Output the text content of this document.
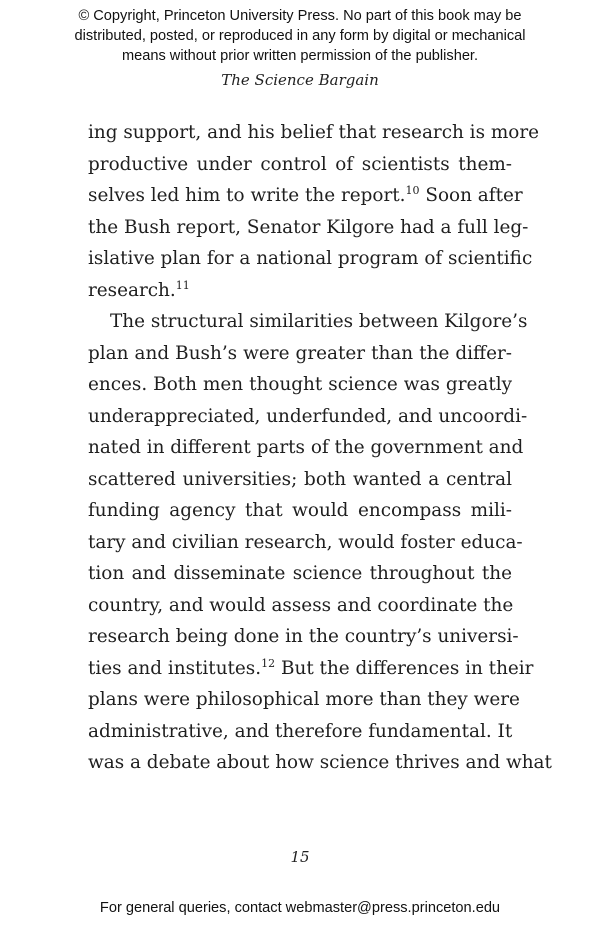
© Copyright, Princeton University Press. No part of this book may be
distributed, posted, or reproduced in any form by digital or mechanical
means without prior written permission of the publisher.
The Science Bargain
ing support, and his belief that research is more
productive under control of scientists them-
selves led him to write the report.$^{10}$ Soon after
the Bush report, Senator Kilgore had a full leg-
islative plan for a national program of scientific
research.$^{11}$
The structural similarities between Kilgore’s
plan and Bush’s were greater than the differ-
ences. Both men thought science was greatly
underappreciated, underfunded, and uncoordi-
nated in different parts of the government and
scattered universities; both wanted a central
funding agency that would encompass mili-
tary and civilian research, would foster educa-
tion and disseminate science throughout the
country, and would assess and coordinate the
research being done in the country’s universi-
ties and institutes.$^{12}$ But the differences in their
plans were philosophical more than they were
administrative, and therefore fundamental. It
was a debate about how science thrives and what
15
For general queries, contact webmaster@press.princeton.edu
